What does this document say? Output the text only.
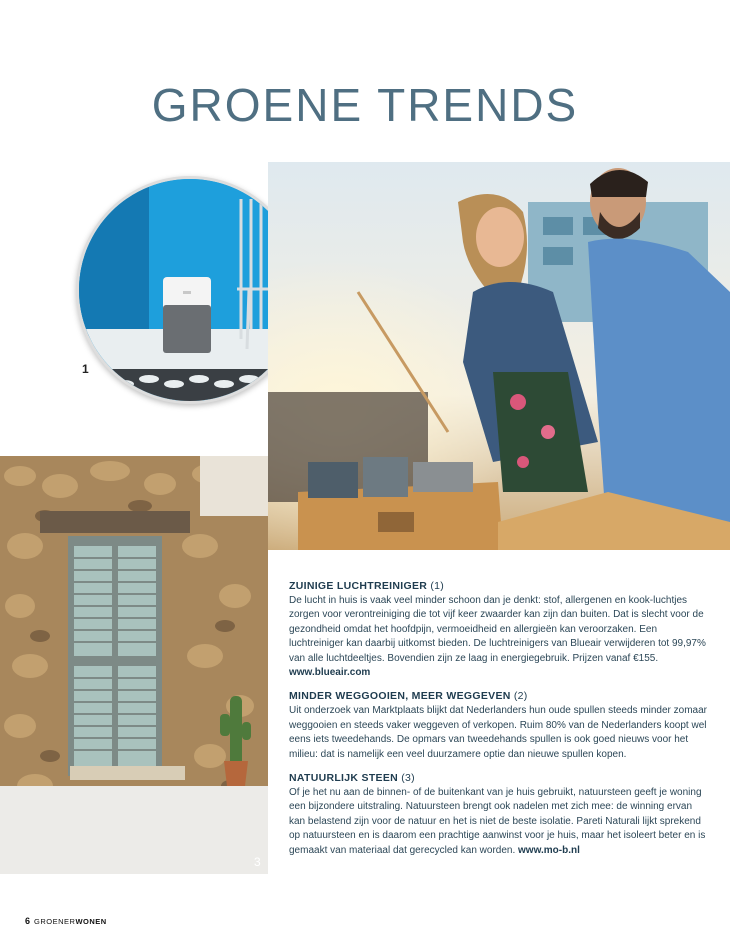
GROENE TRENDS
1
3
ZUINIGE LUCHTREINIGER (1)

De lucht in huis is vaak veel minder schoon dan je denkt: stof, allergenen en kook-luchtjes zorgen voor verontreiniging die tot vijf keer zwaarder kan zijn dan buiten. Dat is slecht voor de gezondheid omdat het hoofdpijn, vermoeidheid en allergieën kan veroorzaken. Een luchtreiniger kan daarbij uitkomst bieden. De luchtreinigers van Blueair verwijderen tot 99,97% van alle luchtdeeltjes. Bovendien zijn ze laag in energiegebruik. Prijzen vanaf €155. www.blueair.com

MINDER WEGGOOIEN, MEER WEGGEVEN (2)

Uit onderzoek van Marktplaats blijkt dat Nederlanders hun oude spullen steeds minder zomaar weggooien en steeds vaker weggeven of verkopen. Ruim 80% van de Nederlanders koopt wel eens iets tweedehands. De opmars van tweedehands spullen is ook goed nieuws voor het milieu: dat is namelijk een veel duurzamere optie dan nieuwe spullen kopen.

NATUURLIJK STEEN (3)

Of je het nu aan de binnen- of de buitenkant van je huis gebruikt, natuursteen geeft je woning een bijzondere uitstraling. Natuursteen brengt ook nadelen met zich mee: de winning ervan kan belastend zijn voor de natuur en het is niet de beste isolatie. Pareti Naturali lijkt sprekend op natuursteen en is daarom een prachtige aanwinst voor je huis, maar het isoleert beter en is gemaakt van materiaal dat gerecycled kan worden. www.mo-b.nl

6 GROENERWONEN
